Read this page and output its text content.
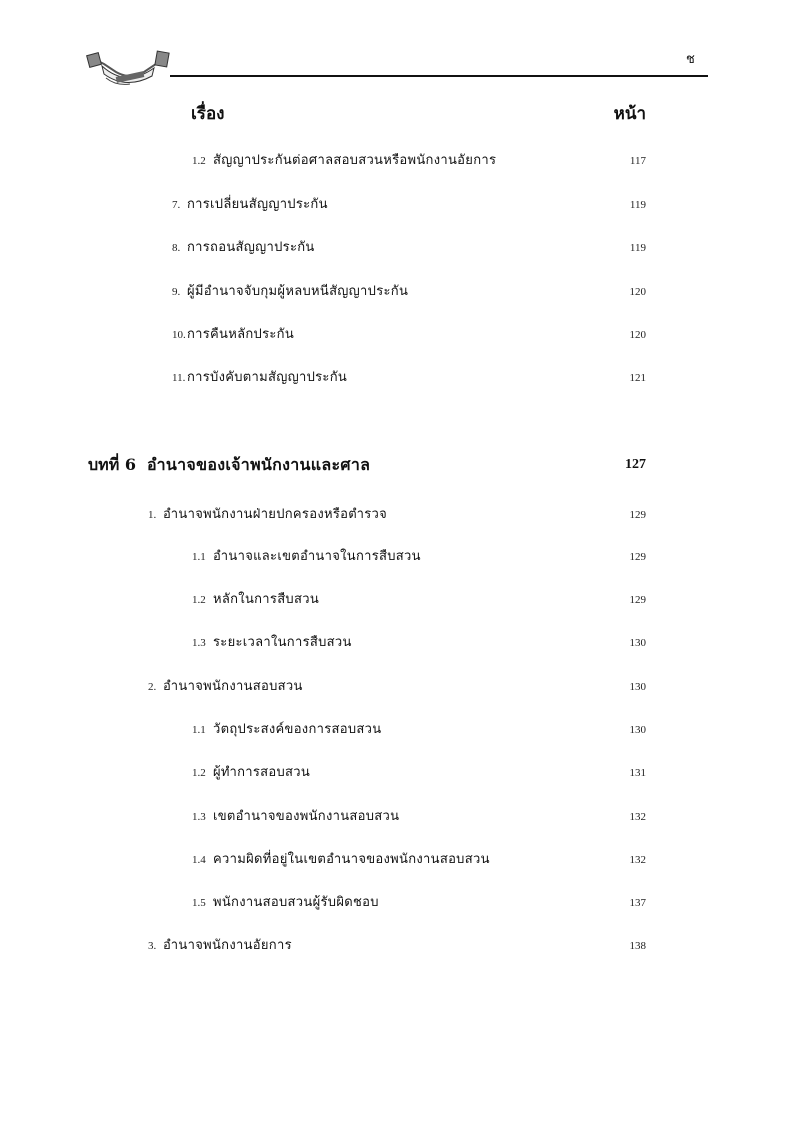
ช
เรื่อง	หน้า
1.2 สัญญาประกันต่อศาลสอบสวนหรือพนักงานอัยการ	117
7. การเปลี่ยนสัญญาประกัน	119
8. การถอนสัญญาประกัน	119
9. ผู้มีอำนาจจับกุมผู้หลบหนีสัญญาประกัน	120
10. การคืนหลักประกัน	120
11. การบังคับตามสัญญาประกัน	121
บทที่ 6 อำนาจของเจ้าพนักงานและศาล	127
1. อำนาจพนักงานฝ่ายปกครองหรือตำรวจ	129
1.1 อำนาจและเขตอำนาจในการสืบสวน	129
1.2 หลักในการสืบสวน	129
1.3 ระยะเวลาในการสืบสวน	130
2. อำนาจพนักงานสอบสวน	130
1.1 วัตถุประสงค์ของการสอบสวน	130
1.2 ผู้ทำการสอบสวน	131
1.3 เขตอำนาจของพนักงานสอบสวน	132
1.4 ความผิดที่อยู่ในเขตอำนาจของพนักงานสอบสวน	132
1.5 พนักงานสอบสวนผู้รับผิดชอบ	137
3. อำนาจพนักงานอัยการ	138
